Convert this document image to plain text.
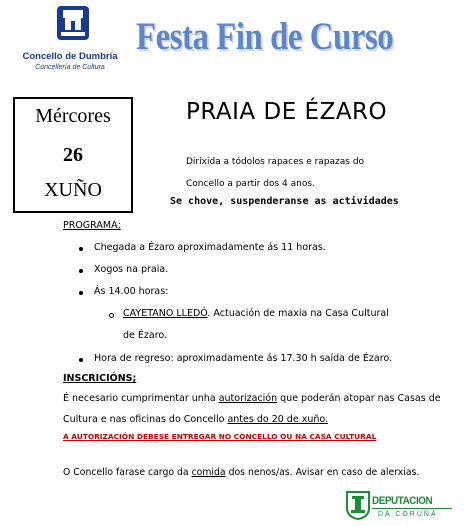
Concello de Dumbría
Concellería de Cultura
Festa Fin de Curso
Mércores
26
XUÑO
PRAIA DE ÉZARO
Dirixida a tódolos rapaces e rapazas do
Concello a partir dos 4 anos.
Se chove, suspenderanse as actividades
PROGRAMA;
Chegada a Ézaro aproximadamente ás 11 horas.
Xogos na praia.
Ás 14.00 horas:
CAYETANO LLEDÓ. Actuación de maxia na Casa Cultural
de Ézaro.
Hora de regreso: aproximadamente ás 17.30 h saída de Ézaro.
INSCRICIÓNS;
É necesario cumprimentar unha autorización que poderán atopar nas Casas de Cultura e nas oficinas do Concello antes do 20 de xuño.
A AUTORIZACIÓN DEBESE ENTREGAR NO CONCELLO OU NA CASA CULTURAL
O Concello farase cargo da comida dos nenos/as. Avisar en caso de alerxias.
DEPUTACION
DA CORUÑA
